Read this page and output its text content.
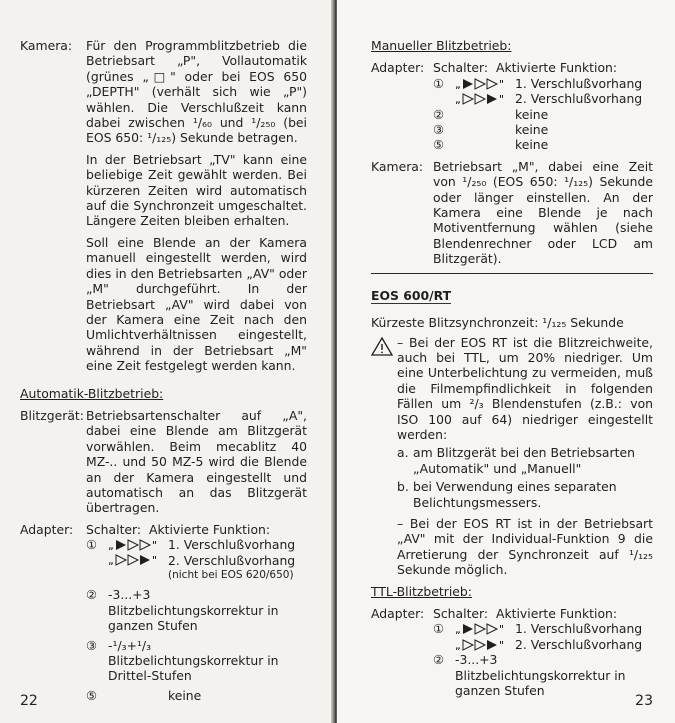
Kamera:	Für den Programmblitzbetrieb die Betriebsart „P", Vollautomatik (grünes „□" oder bei EOS 650 „DEPTH" (verhält sich wie „P") wählen. Die Verschlußzeit kann dabei zwischen ¹/₆₀ und ¹/₂₅₀ (bei EOS 650: ¹/₁₂₅) Sekunde betragen.

In der Betriebsart „TV" kann eine beliebige Zeit gewählt werden. Bei kürzeren Zeiten wird automatisch auf die Synchronzeit umgeschaltet. Längere Zeiten bleiben erhalten.

Soll eine Blende an der Kamera manuell eingestellt werden, wird dies in den Betriebsarten „AV" oder „M" durchgeführt. In der Betriebsart „AV" wird dabei von der Kamera eine Zeit nach den Umlichtverhältnissen eingestellt, während in der Betriebsart „M" eine Zeit festgelegt werden kann.

Automatik-Blitzbetrieb:
Blitzgerät: Betriebsartenschalter auf „A", dabei eine Blende am Blitzgerät vorwählen. Beim mecablitz 40 MZ-.. und 50 MZ-5 wird die Blende an der Kamera eingestellt und automatisch an das Blitzgerät übertragen.
Adapter:	Schalter:  Aktivierte Funktion:
① „	" 1. Verschlußvorhang
„	" 2. Verschlußvorhang
(nicht bei EOS 620/650)
② -3...+3 Blitzbelichtungskorrektur in ganzen Stufen
③ -¹/₃+¹/₃ Blitzbelichtungskorrektur in Drittel-Stufen
⑤	keine
22
Manueller Blitzbetrieb:
Adapter: Schalter:  Aktivierte Funktion:
① „	" 1. Verschlußvorhang
„	" 2. Verschlußvorhang
②	keine
③	keine
⑤	keine
Kamera: Betriebsart „M", dabei eine Zeit von ¹/₂₅₀ (EOS 650: ¹/₁₂₅) Sekunde oder länger einstellen. An der Kamera eine Blende je nach Motiventfernung wählen (siehe Blendenrechner oder LCD am Blitzgerät).
EOS 600/RT
Kürzeste Blitzsynchronzeit: ¹/₁₂₅ Sekunde
– Bei der EOS RT ist die Blitzreichweite, auch bei TTL, um 20% niedriger. Um eine Unterbelichtung zu vermeiden, muß die Filmempfindlichkeit in folgenden Fällen um ²/₃ Blendenstufen (z.B.: von ISO 100 auf 64) niedriger eingestellt werden:
a. am Blitzgerät bei den Betriebsarten „Automatik" und „Manuell"
b. bei Verwendung eines separaten Belichtungsmessers.
– Bei der EOS RT ist in der Betriebsart „AV" mit der Individual-Funktion 9 die Arretierung der Synchronzeit auf ¹/₁₂₅ Sekunde möglich.
TTL-Blitzbetrieb:
Adapter: Schalter:  Aktivierte Funktion:
① „	" 1. Verschlußvorhang
„	" 2. Verschlußvorhang
② -3...+3 Blitzbelichtungskorrektur in ganzen Stufen
23
